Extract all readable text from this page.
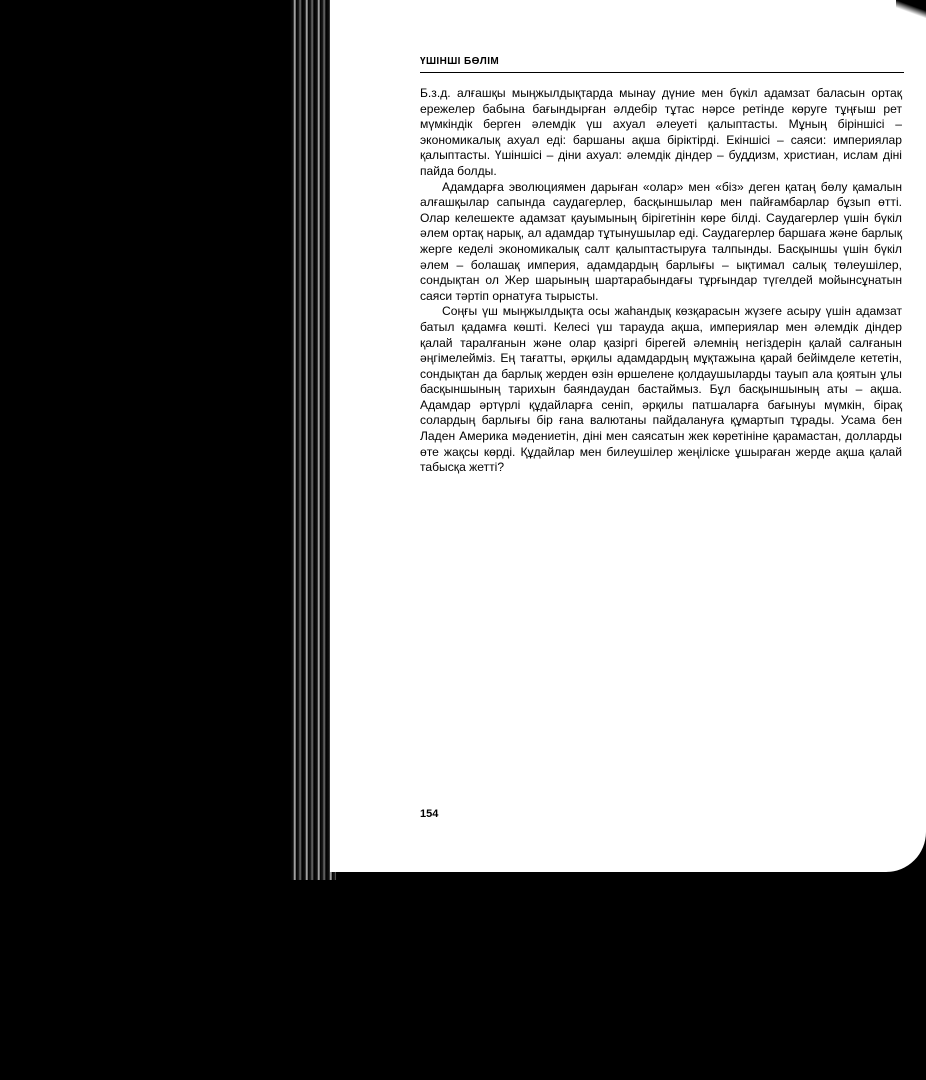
ҮШІНШІ БӨЛІМ

Б.з.д. алғашқы мыңжылдықтарда мынау дүние мен бүкіл адамзат баласын ортақ ережелер бабына бағындырған әлдебір тұтас нәрсе ретінде көруге тұңғыш рет мүмкіндік берген әлемдік үш ахуал әлеуеті қалыптасты. Мұның біріншісі – экономикалық ахуал еді: баршаны ақша біріктірді. Екіншісі – саяси: империялар қалыптасты. Үшіншісі – діни ахуал: әлемдік діндер – буддизм, христиан, ислам діні пайда болды.

Адамдарға эволюциямен дарыған «олар» мен «біз» деген қатаң бөлу қамалын алғашқылар сапында саудагерлер, басқыншылар мен пайғамбарлар бұзып өтті. Олар келешекте адамзат қауымының бірігетінін көре білді. Саудагерлер үшін бүкіл әлем ортақ нарық, ал адамдар тұтынушылар еді. Саудагерлер баршаға және барлық жерге кеделі экономикалық салт қалыптастыруға талпынды. Басқыншы үшін бүкіл әлем – болашақ империя, адамдардың барлығы – ықтимал салық төлеушілер, сондықтан ол Жер шарының шартарабындағы тұрғындар түгелдей мойынсұнатын саяси тәртіп орнатуға тырысты.

Соңғы үш мыңжылдықта осы жаһандық көзқарасын жүзеге асыру үшін адамзат батыл қадамға көшті. Келесі үш тарауда ақша, империялар мен әлемдік діндер қалай таралғанын және олар қазіргі бірегей әлемнің негіздерін қалай салғанын әңгімелейміз. Ең тағатты, әрқилы адамдардың мұқтажына қарай бейімделе кететін, сондықтан да барлық жерден өзін өршелене қолдаушыларды тауып ала қоятын ұлы басқыншының тарихын баяндаудан бастаймыз. Бұл басқыншының аты – ақша. Адамдар әртүрлі құдайларға сеніп, әрқилы патшаларға бағынуы мүмкін, бірақ солардың барлығы бір ғана валютаны пайдалануға құмартып тұрады. Усама бен Ладен Америка мәдениетін, діні мен саясатын жек көретініне қарамастан, долларды өте жақсы көрді. Құдайлар мен билеушілер жеңіліске ұшыраған жерде ақша қалай табысқа жетті?

154
